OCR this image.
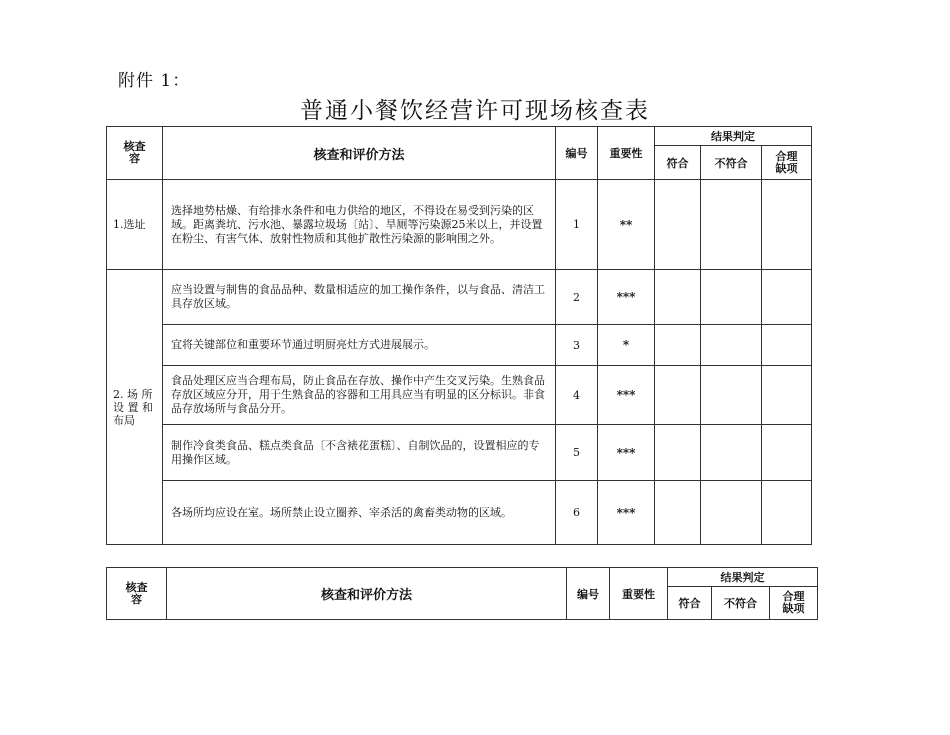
附件 1：
普通小餐饮经营许可现场核查表
核查
容	核查和评价方法	编号	重要性	结果判定		
				符合	不符合	合理
缺项
1.选址	选择地势枯燥、有给排水条件和电力供给的地区，不得设在易受到污染的区域。距离粪坑、污水池、暴露垃圾场〔站〕、旱厕等污染源25米以上，并设置在粉尘、有害气体、放射性物质和其他扩散性污染源的影响围之外。	1	**			
2. 场 所
设 置 和
布局	应当设置与制售的食品品种、数量相适应的加工操作条件，以与食品、清洁工具存放区域。	2	***			
	宜将关键部位和重要环节通过明厨亮灶方式进展展示。	3	*			
	食品处理区应当合理布局，防止食品在存放、操作中产生交叉污染。生熟食品存放区域应分开，用于生熟食品的容器和工用具应当有明显的区分标识。非食品存放场所与食品分开。	4	***			
	制作冷食类食品、糕点类食品〔不含裱花蛋糕〕、自制饮品的，设置相应的专用操作区域。	5	***			
	各场所均应设在室。场所禁止设立圈养、宰杀活的禽畜类动物的区域。	6	***			
核查
容	核查和评价方法	编号	重要性	结果判定		
				符合	不符合	合理
缺项
